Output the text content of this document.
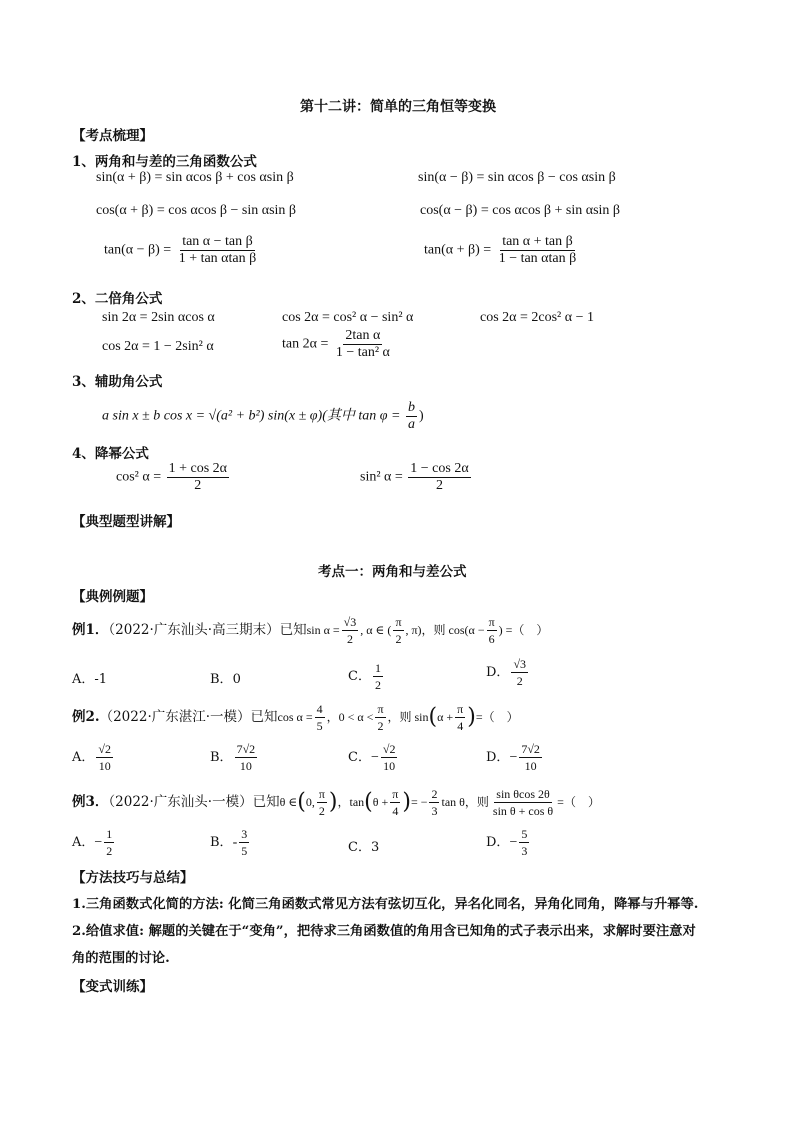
第十二讲：简单的三角恒等变换
【考点梳理】
1、两角和与差的三角函数公式
sin(α + β) = sin αcos β + cos αsin β	sin(α − β) = sin αcos β − cos αsin β
cos(α + β) = cos αcos β − sin αsin β	cos(α − β) = cos αcos β + sin αsin β
$\tan(\alpha - \beta) = \frac{\text{tan α − tan β}}{\text{1 + tan αtan β}}$	$\tan(\alpha + \beta) = \frac{\text{tan α + tan β}}{\text{1 − tan αtan β}}$
2、二倍角公式
sin 2α = 2sin αcos α	cos 2α = cos² α − sin² α	cos 2α = 2cos² α − 1
cos 2α = 1 − 2sin² α	$\tan 2\alpha = \frac{\text{2tan α}}{\text{1 − tan² α}}$
3、辅助角公式
a sin x ± b cos x = √(a² + b²) sin(x ± φ)(其中 $\tan \varphi = \frac{b}{a}$ )
4、降幂公式
cos² $\alpha = \frac{1 + \cos 2\alpha}{2}$	sin² $\alpha = \frac{1 - \cos 2\alpha}{2}$
【典型题型讲解】
考点一：两角和与差公式
【典例例题】
例1．（2022·广东汕头·高三期末）已知$\sin \alpha = \frac{√3}{2}$ , α ∈ ( $\frac{\pi}{2}$ , π)，则 $\cos(\alpha - \frac{\pi}{6}$ ) =（　）
A．-1	B．0	C． $\frac{1}{2}$	D． $\frac{√3}{2}$
例2.（2022·广东湛江·一模）已知$\cos \alpha = \frac{4}{5}$ ，$0 < \alpha < \frac{\pi}{2}$ ，则 $\sin(\alpha + \frac{\pi}{4}$ )=（　）
A． $\frac{√2}{10}$	B． $\frac{7√2}{10}$	C．− $\frac{√2}{10}$	D．− $\frac{7√2}{10}$
例3．（2022·广东汕头·一模）已知θ ∈(0, $\frac{\pi}{2}$ )，$\tan(\theta + \frac{\pi}{4}$ )= − $\frac{2}{3}$ tan θ，则 $\frac{\text{sin θcos 2θ}}{\text{sin θ + cos θ}}$ =（　）
A．− $\frac{1}{2}$	B．- $\frac{3}{5}$	C．3	D．− $\frac{5}{3}$
【方法技巧与总结】
1.三角函数式化简的方法: 化简三角函数式常见方法有弦切互化，异名化同名，异角化同角，降幂与升幂等.
2.给值求值: 解题的关键在于“变角”，把待求三角函数值的角用含已知角的式子表示出来，求解时要注意对
角的范围的讨论.
【变式训练】
